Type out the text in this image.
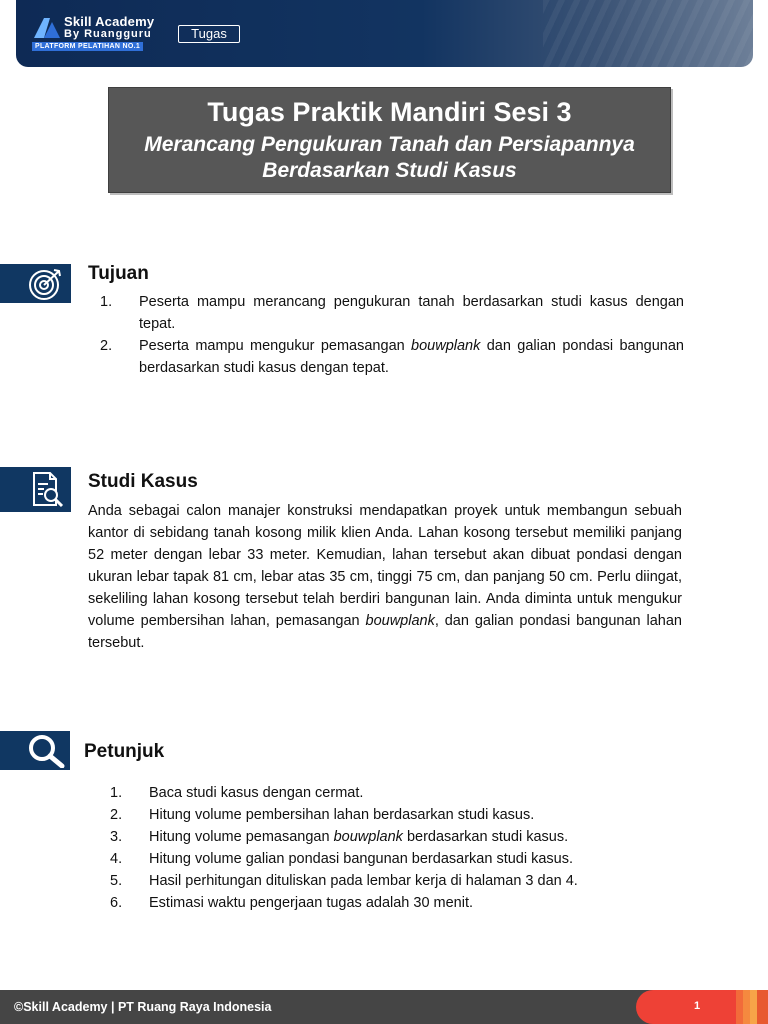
Skill Academy
By Ruangguru
PLATFORM PELATIHAN NO.1
Tugas
Tugas Praktik Mandiri Sesi 3
Merancang Pengukuran Tanah dan Persiapannya
Berdasarkan Studi Kasus
Tujuan
1.	Peserta mampu merancang pengukuran tanah berdasarkan studi kasus dengan tepat.
2.	Peserta mampu mengukur pemasangan bouwplank dan galian pondasi bangunan berdasarkan studi kasus dengan tepat.
Studi Kasus

Anda sebagai calon manajer konstruksi mendapatkan proyek untuk membangun sebuah kantor di sebidang tanah kosong milik klien Anda. Lahan kosong tersebut memiliki panjang 52 meter dengan lebar 33 meter. Kemudian, lahan tersebut akan dibuat pondasi dengan ukuran lebar tapak 81 cm, lebar atas 35 cm, tinggi 75 cm, dan panjang 50 cm. Perlu diingat, sekeliling lahan kosong tersebut telah berdiri bangunan lain. Anda diminta untuk mengukur volume pembersihan lahan, pemasangan bouwplank, dan galian pondasi bangunan lahan tersebut.

Petunjuk
1.	Baca studi kasus dengan cermat.
2.	Hitung volume pembersihan lahan berdasarkan studi kasus.
3.	Hitung volume pemasangan bouwplank berdasarkan studi kasus.
4.	Hitung volume galian pondasi bangunan berdasarkan studi kasus.
5.	Hasil perhitungan dituliskan pada lembar kerja di halaman 3 dan 4.
6.	Estimasi waktu pengerjaan tugas adalah 30 menit.
©Skill Academy | PT Ruang Raya Indonesia	1
